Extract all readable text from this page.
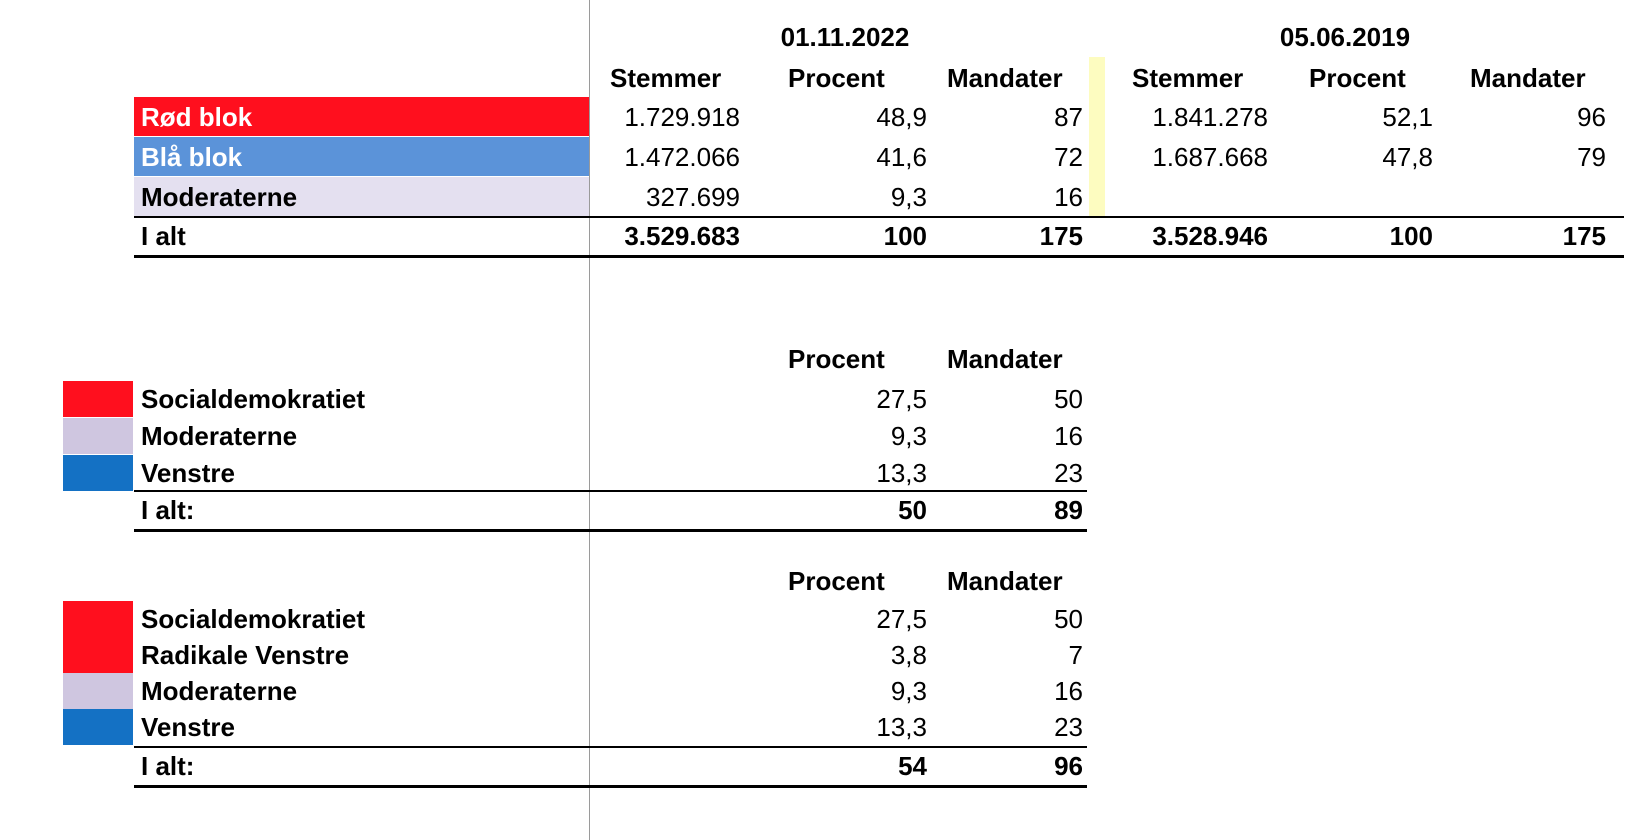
01.11.2022	05.06.2019
Stemmer	Procent Mandater	Stemmer	Procent Mandater
Rød blok	1.729.918	48,9	87	1.841.278	52,1	96
Blå blok	1.472.066	41,6	72	1.687.668	47,8	79
Moderaterne	327.699	9,3	16
I alt	3.529.683	100	175	3.528.946	100	175
Procent Mandater
Socialdemokratiet	27,5	50
Moderaterne	9,3	16
Venstre	13,3	23
I alt:	50	89
Procent Mandater
Socialdemokratiet	27,5	50
Radikale Venstre	3,8	7
Moderaterne	9,3	16
Venstre	13,3	23
I alt:	54	96
